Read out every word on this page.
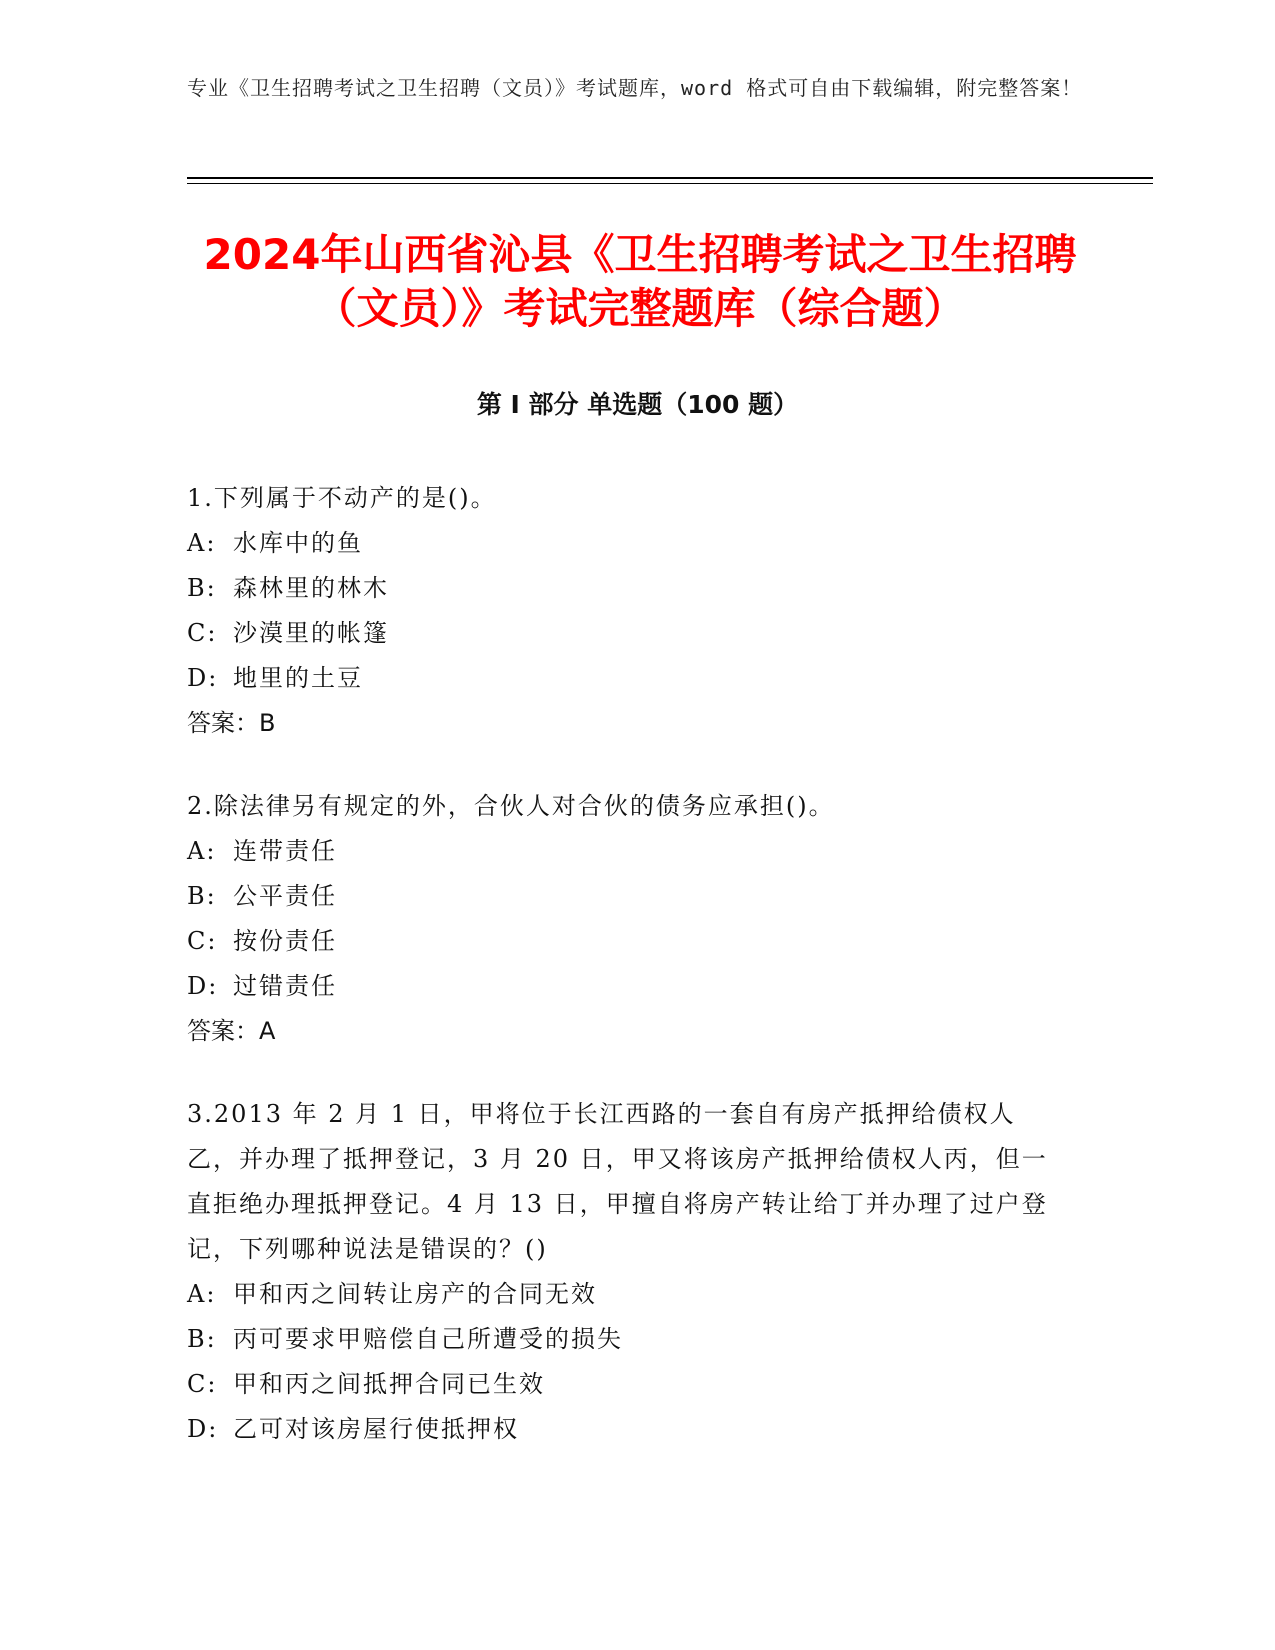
专业《卫生招聘考试之卫生招聘（文员）》考试题库，word 格式可自由下载编辑，附完整答案！
2024年山西省沁县《卫生招聘考试之卫生招聘（文员）》考试完整题库（综合题）
第 I 部分 单选题（100 题）

1.下列属于不动产的是()。

A: 水库中的鱼

B: 森林里的林木

C: 沙漠里的帐篷

D: 地里的土豆

答案：B

2.除法律另有规定的外，合伙人对合伙的债务应承担()。

A: 连带责任

B: 公平责任

C: 按份责任

D: 过错责任

答案：A

3.2013 年 2 月 1 日，甲将位于长江西路的一套自有房产抵押给债权人乙，并办理了抵押登记，3 月 20 日，甲又将该房产抵押给债权人丙，但一直拒绝办理抵押登记。4 月 13 日，甲擅自将房产转让给丁并办理了过户登记，下列哪种说法是错误的？()

A: 甲和丙之间转让房产的合同无效

B: 丙可要求甲赔偿自己所遭受的损失

C: 甲和丙之间抵押合同已生效

D: 乙可对该房屋行使抵押权
